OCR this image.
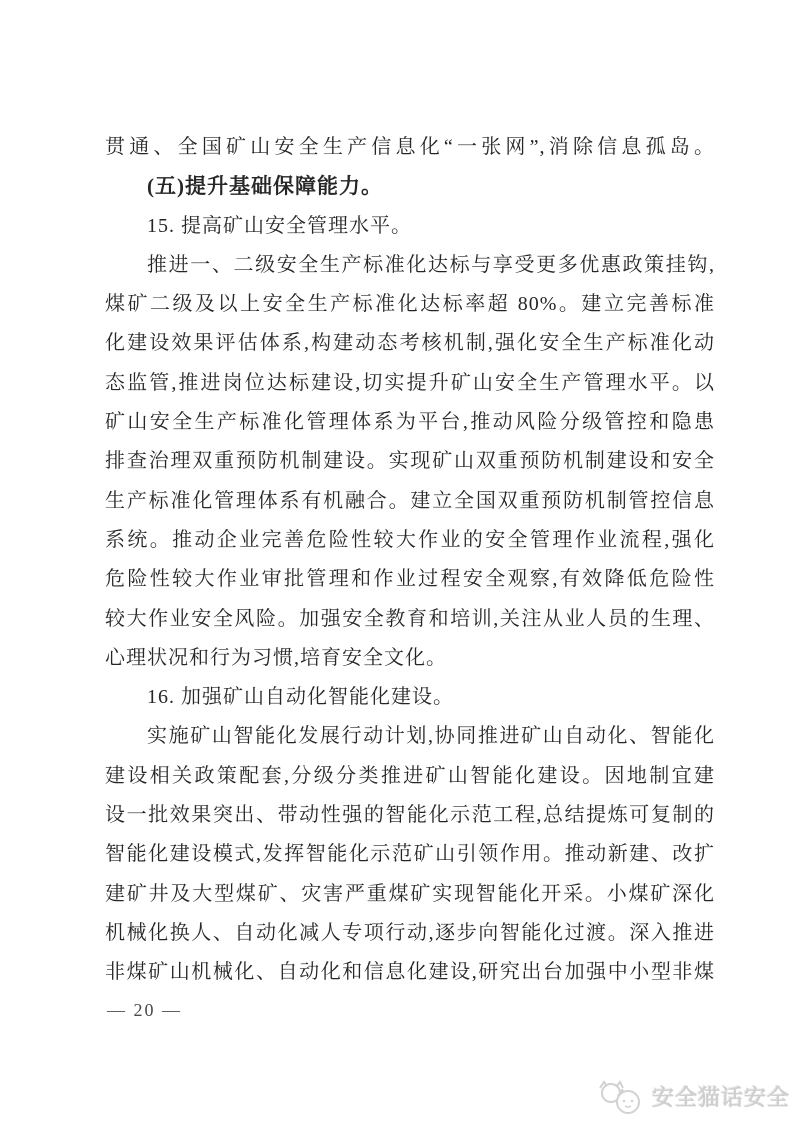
贯通、全国矿山安全生产信息化“一张网”,消除信息孤岛。
(五)提升基础保障能力。
15. 提高矿山安全管理水平。
推进一、二级安全生产标准化达标与享受更多优惠政策挂钩,
煤矿二级及以上安全生产标准化达标率超 80%。建立完善标准
化建设效果评估体系,构建动态考核机制,强化安全生产标准化动
态监管,推进岗位达标建设,切实提升矿山安全生产管理水平。以
矿山安全生产标准化管理体系为平台,推动风险分级管控和隐患
排查治理双重预防机制建设。实现矿山双重预防机制建设和安全
生产标准化管理体系有机融合。建立全国双重预防机制管控信息
系统。推动企业完善危险性较大作业的安全管理作业流程,强化
危险性较大作业审批管理和作业过程安全观察,有效降低危险性
较大作业安全风险。加强安全教育和培训,关注从业人员的生理、
心理状况和行为习惯,培育安全文化。
16. 加强矿山自动化智能化建设。
实施矿山智能化发展行动计划,协同推进矿山自动化、智能化
建设相关政策配套,分级分类推进矿山智能化建设。因地制宜建
设一批效果突出、带动性强的智能化示范工程,总结提炼可复制的
智能化建设模式,发挥智能化示范矿山引领作用。推动新建、改扩
建矿井及大型煤矿、灾害严重煤矿实现智能化开采。小煤矿深化
机械化换人、自动化减人专项行动,逐步向智能化过渡。深入推进
非煤矿山机械化、自动化和信息化建设,研究出台加强中小型非煤
— 20 —
安全猫话安全
